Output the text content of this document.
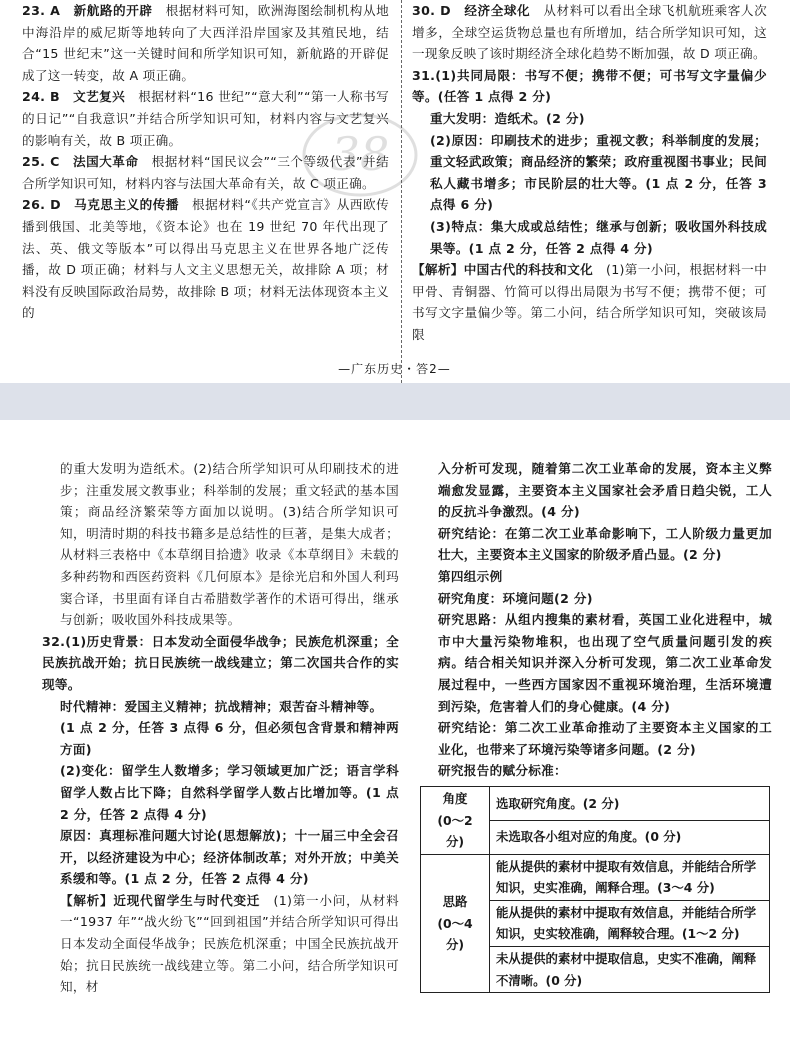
23. A　新航路的开辟　根据材料可知，欧洲海图绘制机构从地中海沿岸的威尼斯等地转向了大西洋沿岸国家及其殖民地，结合“15 世纪末”这一关键时间和所学知识可知，新航路的开辟促成了这一转变，故 A 项正确。

24. B　文艺复兴　根据材料“16 世纪”“意大利”“第一人称书写的日记”“自我意识”并结合所学知识可知，材料内容与文艺复兴的影响有关，故 B 项正确。

25. C　法国大革命　根据材料“国民议会”“三个等级代表”并结合所学知识可知，材料内容与法国大革命有关，故 C 项正确。

26. D　马克思主义的传播　根据材料“《共产党宣言》从西欧传播到俄国、北美等地，《资本论》也在 19 世纪 70 年代出现了法、英、俄文等版本”可以得出马克思主义在世界各地广泛传播，故 D 项正确；材料与人文主义思想无关，故排除 A 项；材料没有反映国际政治局势，故排除 B 项；材料无法体现资本主义的

30. D　经济全球化　从材料可以看出全球飞机航班乘客人次增多，全球空运货物总量也有所增加，结合所学知识可知，这一现象反映了该时期经济全球化趋势不断加强，故 D 项正确。

31.(1)共同局限：书写不便；携带不便；可书写文字量偏少等。(任答 1 点得 2 分)

重大发明：造纸术。(2 分)

(2)原因：印刷技术的进步；重视文教；科举制度的发展；重文轻武政策；商品经济的繁荣；政府重视图书事业；民间私人藏书增多；市民阶层的壮大等。(1 点 2 分，任答 3 点得 6 分)

(3)特点：集大成或总结性；继承与创新；吸收国外科技成果等。(1 点 2 分，任答 2 点得 4 分)

【解析】中国古代的科技和文化　(1)第一小问，根据材料一中甲骨、青铜器、竹简可以得出局限为书写不便；携带不便；可书写文字量偏少等。第二小问，结合所学知识可知，突破该局限

38
—广东历史・答2—

的重大发明为造纸术。(2)结合所学知识可从印刷技术的进步；注重发展文教事业；科举制的发展；重文轻武的基本国策；商品经济繁荣等方面加以说明。(3)结合所学知识可知，明清时期的科技书籍多是总结性的巨著，是集大成者；从材料三表格中《本草纲目拾遗》收录《本草纲目》未载的多种药物和西医药资料《几何原本》是徐光启和外国人利玛窦合译，书里面有译自古希腊数学著作的术语可得出，继承与创新；吸收国外科技成果等。

32.(1)历史背景：日本发动全面侵华战争；民族危机深重；全民族抗战开始；抗日民族统一战线建立；第二次国共合作的实现等。

时代精神：爱国主义精神；抗战精神；艰苦奋斗精神等。

(1 点 2 分，任答 3 点得 6 分，但必须包含背景和精神两方面)

(2)变化：留学生人数增多；学习领域更加广泛；语言学科留学人数占比下降；自然科学留学人数占比增加等。(1 点 2 分，任答 2 点得 4 分)

原因：真理标准问题大讨论(思想解放)；十一届三中全会召开，以经济建设为中心；经济体制改革；对外开放；中美关系缓和等。(1 点 2 分，任答 2 点得 4 分)

【解析】近现代留学生与时代变迁　(1)第一小问，从材料一“1937 年”“战火纷飞”“回到祖国”并结合所学知识可得出日本发动全面侵华战争；民族危机深重；中国全民族抗战开始；抗日民族统一战线建立等。第二小问，结合所学知识可知，材

入分析可发现，随着第二次工业革命的发展，资本主义弊端愈发显露，主要资本主义国家社会矛盾日趋尖锐，工人的反抗斗争激烈。(4 分)

研究结论：在第二次工业革命影响下，工人阶级力量更加壮大，主要资本主义国家的阶级矛盾凸显。(2 分)

第四组示例

研究角度：环境问题(2 分)

研究思路：从组内搜集的素材看，英国工业化进程中，城市中大量污染物堆积，也出现了空气质量问题引发的疾病。结合相关知识并深入分析可发现，第二次工业革命发展过程中，一些西方国家因不重视环境治理，生活环境遭到污染，危害着人们的身心健康。(4 分)

研究结论：第二次工业革命推动了主要资本主义国家的工业化，也带来了环境污染等诸多问题。(2 分)

研究报告的赋分标准：

角度
(0～2 分)	选取研究角度。(2 分)
	未选取各小组对应的角度。(0 分)
思路
(0～4 分)	能从提供的素材中提取有效信息，并能结合所学知识，史实准确，阐释合理。(3～4 分)
	能从提供的素材中提取有效信息，并能结合所学知识，史实较准确，阐释较合理。(1～2 分)
	未从提供的素材中提取信息，史实不准确，阐释不清晰。(0 分)
